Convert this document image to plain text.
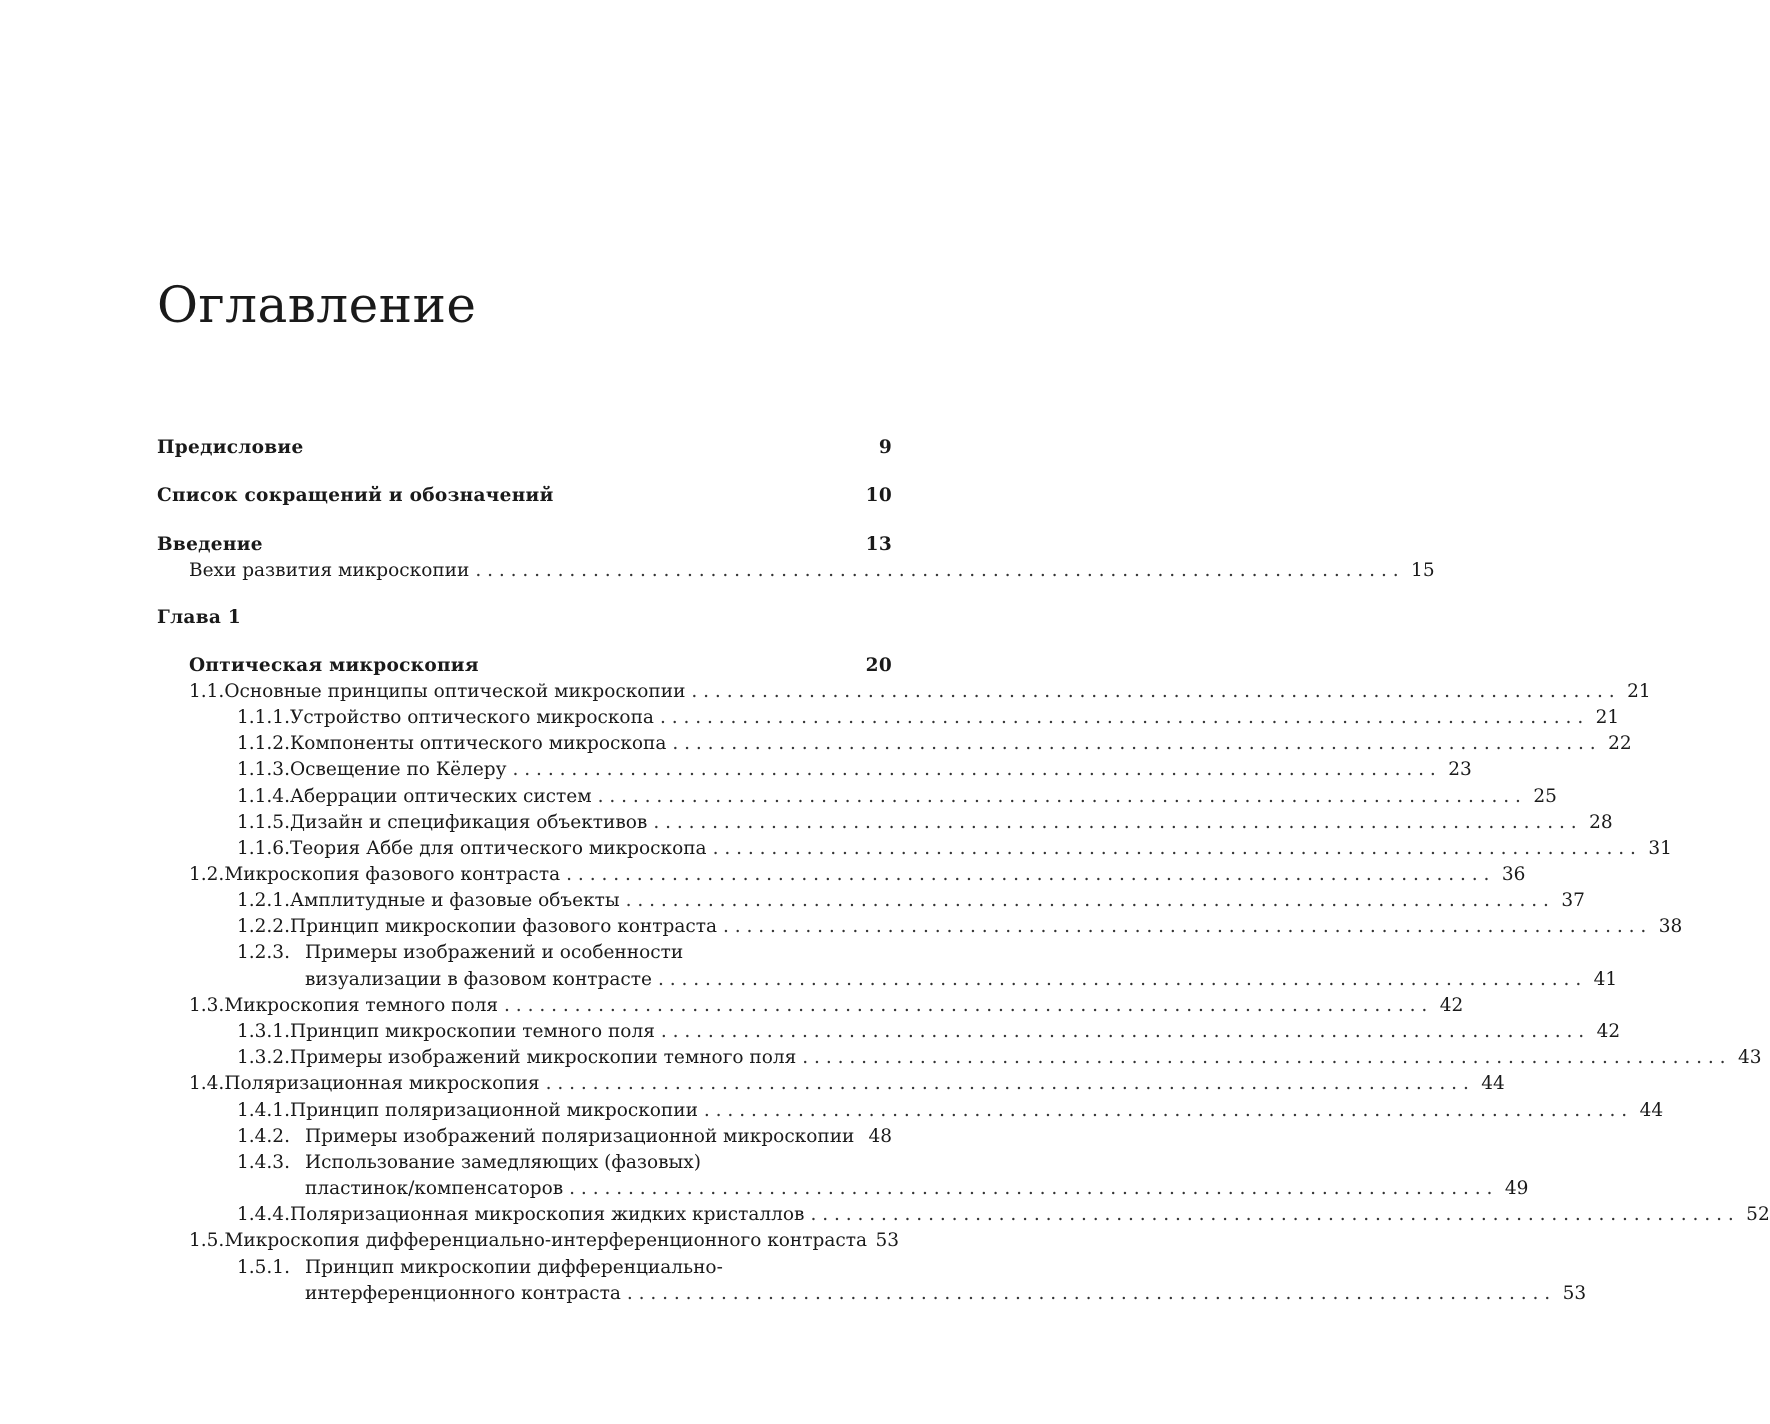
Оглавление
Предисловие	9
Список сокращений и обозначений	10
Введение	13
Вехи развития микроскопии . . .	15
Глава 1
Оптическая микроскопия	20
1.1. Основные принципы оптической микроскопии . . .	21
1.1.1. Устройство оптического микроскопа . . .	21
1.1.2. Компоненты оптического микроскопа . . .	22
1.1.3. Освещение по Кёлеру . . .	23
1.1.4. Аберрации оптических систем . . .	25
1.1.5. Дизайн и спецификация объективов . . .	28
1.1.6. Теория Аббе для оптического микроскопа . . .	31
1.2. Микроскопия фазового контраста . . .	36
1.2.1. Амплитудные и фазовые объекты . . .	37
1.2.2. Принцип микроскопии фазового контраста . . .	38
1.2.3. Примеры изображений и особенности
визуализации в фазовом контрасте . . .	41
1.3. Микроскопия темного поля . . .	42
1.3.1. Принцип микроскопии темного поля . . .	42
1.3.2. Примеры изображений микроскопии темного поля . . .	43
1.4. Поляризационная микроскопия . . .	44
1.4.1. Принцип поляризационной микроскопии . . .	44
1.4.2. Примеры изображений поляризационной микроскопии 48
1.4.3. Использование замедляющих (фазовых)
пластинок/компенсаторов . . .	49
1.4.4. Поляризационная микроскопия жидких кристаллов . . .	52
1.5. Микроскопия дифференциально-интерференционного контраста 53
1.5.1. Принцип микроскопии дифференциально-
интерференционного контраста . . .	53
